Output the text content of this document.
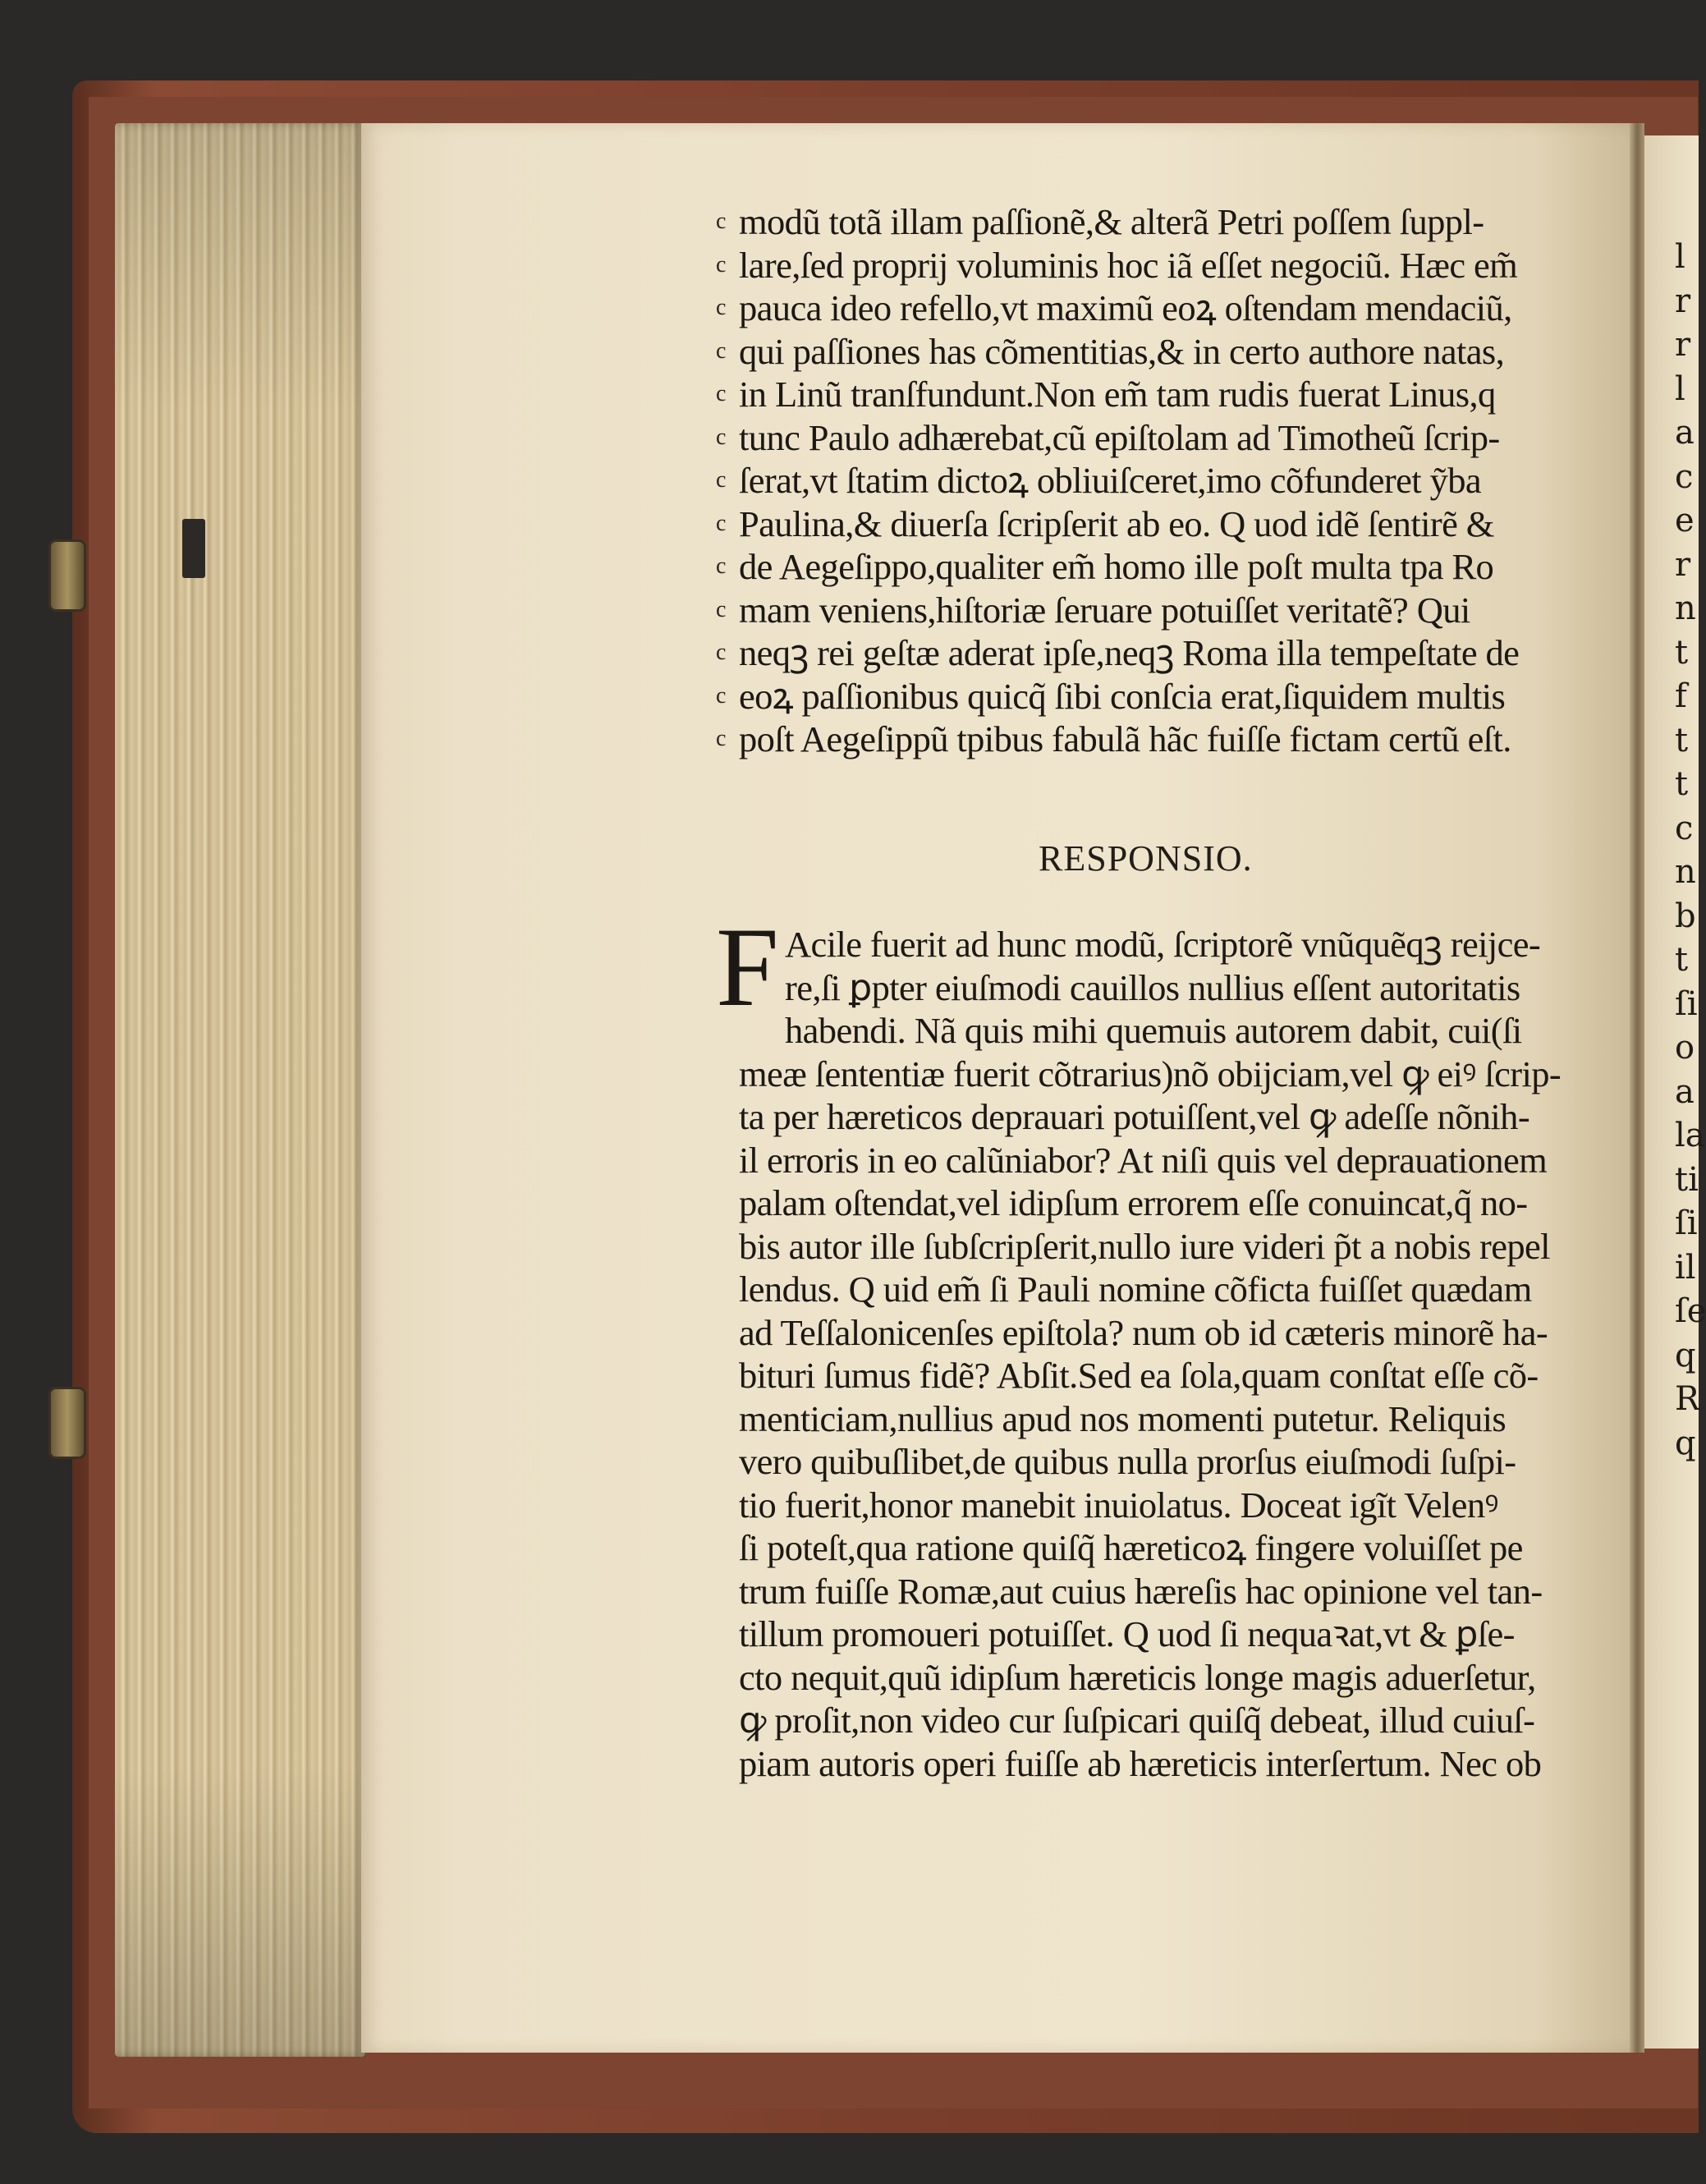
l
r
r
l
a
c
e
r
n
t
f
t
t
c
n
b
t
ſi
o
a
la
ti
ſi
il
ſe
q
R
q
c
c
c
c
c
c
c
c
c
c
c
c
c
modũ totã illam paſſionẽ,& alterã Petri poſſem ſuppl-
lare,ſed proprij voluminis hoc iã eſſet negociũ. Hæc em̃
pauca ideo refello,vt maximũ eoꝝ oſtendam mendaciũ,
qui paſſiones has cõmentitias,& in certo authore natas,
in Linũ tranſfundunt.Non em̃ tam rudis fuerat Linus,q
tunc Paulo adhærebat,cũ epiſtolam ad Timotheũ ſcrip-
ſerat,vt ſtatim dictoꝝ obliuiſceret,imo cõfunderet ỹba
Paulina,& diuerſa ſcripſerit ab eo. Q uod idẽ ſentirẽ &
de Aegeſippo,qualiter em̃ homo ille poſt multa tpa Ro
mam veniens,hiſtoriæ ſeruare potuiſſet veritatẽ? Qui
neqꝫ rei geſtæ aderat ipſe,neqꝫ Roma illa tempeſtate de
eoꝝ paſſionibus quicq̃ ſibi conſcia erat,ſiquidem multis
poſt Aegeſippũ tpibus fabulã hãc fuiſſe fictam certũ eſt.
RESPONSIO.
F Acile fuerit ad hunc modũ, ſcriptorẽ vnũquẽqꝫ reijce-
re,ſi ꝑpter eiuſmodi cauillos nullius eſſent autoritatis
habendi. Nã quis mihi quemuis autorem dabit, cui(ſi
meæ ſententiæ fuerit cõtrarius)nõ obijciam,vel ꝙ eiꝰ ſcrip-
ta per hæreticos deprauari potuiſſent,vel ꝙ adeſſe nõnih-
il erroris in eo calũniabor? At niſi quis vel deprauationem
palam oſtendat,vel idipſum errorem eſſe conuincat,q̃ no-
bis autor ille ſubſcripſerit,nullo iure videri p̃t a nobis repel
lendus. Q uid em̃ ſi Pauli nomine cõficta fuiſſet quædam
ad Teſſalonicenſes epiſtola? num ob id cæteris minorẽ ha-
bituri ſumus fidẽ? Abſit.Sed ea ſola,quam conſtat eſſe cõ-
menticiam,nullius apud nos momenti putetur. Reliquis
vero quibuſlibet,de quibus nulla prorſus eiuſmodi ſuſpi-
tio fuerit,honor manebit inuiolatus. Doceat igĩt Velenꝰ
ſi poteſt,qua ratione quiſq̃ hæreticoꝝ fingere voluiſſet pe
trum fuiſſe Romæ,aut cuius hæreſis hac opinione vel tan-
tillum promoueri potuiſſet. Q uod ſi nequaꝛat,vt & ꝑſe-
cto nequit,quũ idipſum hæreticis longe magis aduerſetur,
ꝙ proſit,non video cur ſuſpicari quiſq̃ debeat, illud cuiuſ-
piam autoris operi fuiſſe ab hæreticis interſertum. Nec ob
